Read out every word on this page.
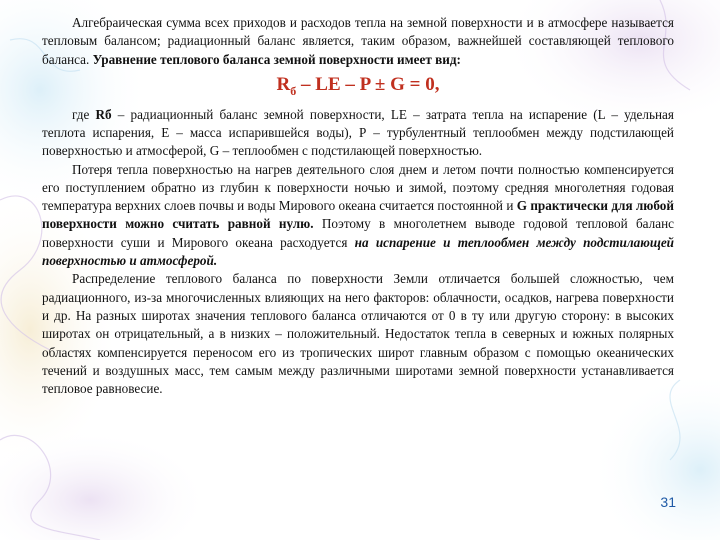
Алгебраическая сумма всех приходов и расходов тепла на земной поверхности и в атмосфере называется тепловым балансом; радиационный баланс является, таким образом, важнейшей составляющей теплового баланса. Уравнение теплового баланса земной поверхности имеет вид:

$R_б$ – LE – P ± G = 0,

где Rб – радиационный баланс земной поверхности, LE – затрата тепла на испарение (L – удельная теплота испарения, Е – масса испарившейся воды), Р – турбулентный теплообмен между подстилающей поверхностью и атмосферой, G – теплообмен с подстилающей поверхностью.

Потеря тепла поверхностью на нагрев деятельного слоя днем и летом почти полностью компенсируется его поступлением обратно из глубин к поверхности ночью и зимой, поэтому средняя многолетняя годовая температура верхних слоев почвы и воды Мирового океана считается постоянной и G практически для любой поверхности можно считать равной нулю. Поэтому в многолетнем выводе годовой тепловой баланс поверхности суши и Мирового океана расходуется на испарение и теплообмен между подстилающей поверхностью и атмосферой.

Распределение теплового баланса по поверхности Земли отличается большей сложностью, чем радиационного, из-за многочисленных влияющих на него факторов: облачности, осадков, нагрева поверхности и др. На разных широтах значения теплового баланса отличаются от 0 в ту или другую сторону: в высоких широтах он отрицательный, а в низких – положительный. Недостаток тепла в северных и южных полярных областях компенсируется переносом его из тропических широт главным образом с помощью океанических течений и воздушных масс, тем самым между различными широтами земной поверхности устанавливается тепловое равновесие.

31
